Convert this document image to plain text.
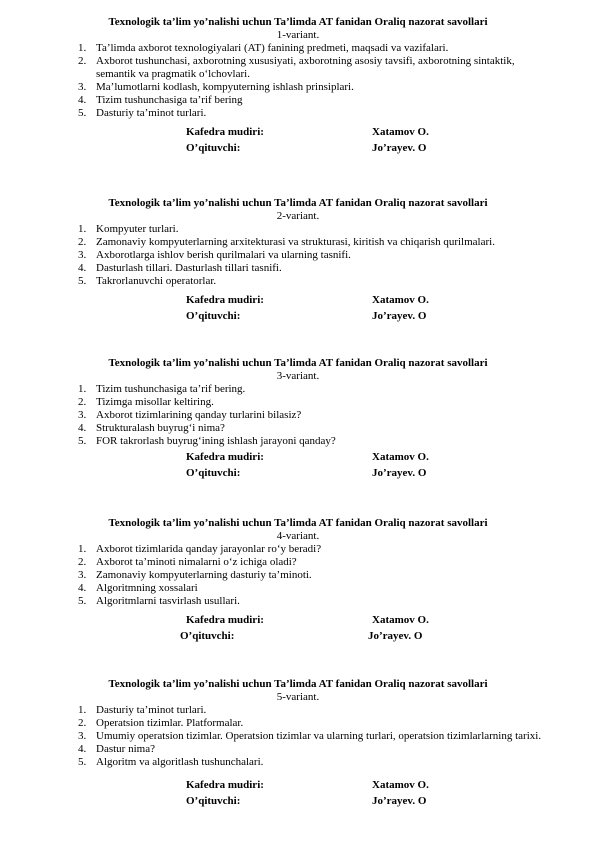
Texnologik ta’lim yo’nalishi uchun Ta’limda AT fanidan Oraliq nazorat savollari
1-variant.
1. Ta’limda axborot texnologiyalari (AT) fanining predmeti, maqsadi va vazifalari.
2. Axborot tushunchasi, axborotning xususiyati, axborotning asosiy tavsifi, axborotning sintaktik, semantik va pragmatik o‘lchovlari.
3. Ma’lumotlarni kodlash, kompyuterning ishlash prinsiplari.
4. Tizim tushunchasiga ta’rif bering
5. Dasturiy ta’minot turlari.
Kafedra mudiri:	Xatamov O.
O’qituvchi:	Jo’rayev. O
Texnologik ta’lim yo’nalishi uchun Ta’limda AT fanidan Oraliq nazorat savollari
2-variant.
1. Kompyuter turlari.
2. Zamonaviy kompyuterlarning arxitekturasi va strukturasi, kiritish va chiqarish qurilmalari.
3. Axborotlarga ishlov berish qurilmalari va ularning tasnifi.
4. Dasturlash tillari. Dasturlash tillari tasnifi.
5. Takrorlanuvchi operatorlar.
Kafedra mudiri:	Xatamov O.
O’qituvchi:	Jo’rayev. O
Texnologik ta’lim yo’nalishi uchun Ta’limda AT fanidan Oraliq nazorat savollari
3-variant.
1. Tizim tushunchasiga ta’rif bering.
2. Tizimga misollar keltiring.
3. Axborot tizimlarining qanday turlarini bilasiz?
4. Strukturalash buyrug‘i nima?
5. FOR takrorlash buyrug‘ining ishlash jarayoni qanday?
Kafedra mudiri:	Xatamov O.
O’qituvchi:	Jo’rayev. O
Texnologik ta’lim yo’nalishi uchun Ta’limda AT fanidan Oraliq nazorat savollari
4-variant.
1. Axborot tizimlarida qanday jarayonlar ro‘y beradi?
2. Axborot ta’minoti nimalarni o‘z ichiga oladi?
3. Zamonaviy kompyuterlarning dasturiy ta’minoti.
4. Algoritmning xossalari
5. Algoritmlarni tasvirlash usullari.
Kafedra mudiri:	Xatamov O.
O’qituvchi:	Jo’rayev. O
Texnologik ta’lim yo’nalishi uchun Ta’limda AT fanidan Oraliq nazorat savollari
5-variant.
1. Dasturiy ta’minot turlari.
2. Operatsion tizimlar. Platformalar.
3. Umumiy operatsion tizimlar. Operatsion tizimlar va ularning turlari, operatsion tizimlarlarning tarixi.
4. Dastur nima?
5. Algoritm va algoritlash tushunchalari.
Kafedra mudiri:	Xatamov O.
O’qituvchi:	Jo’rayev. O
